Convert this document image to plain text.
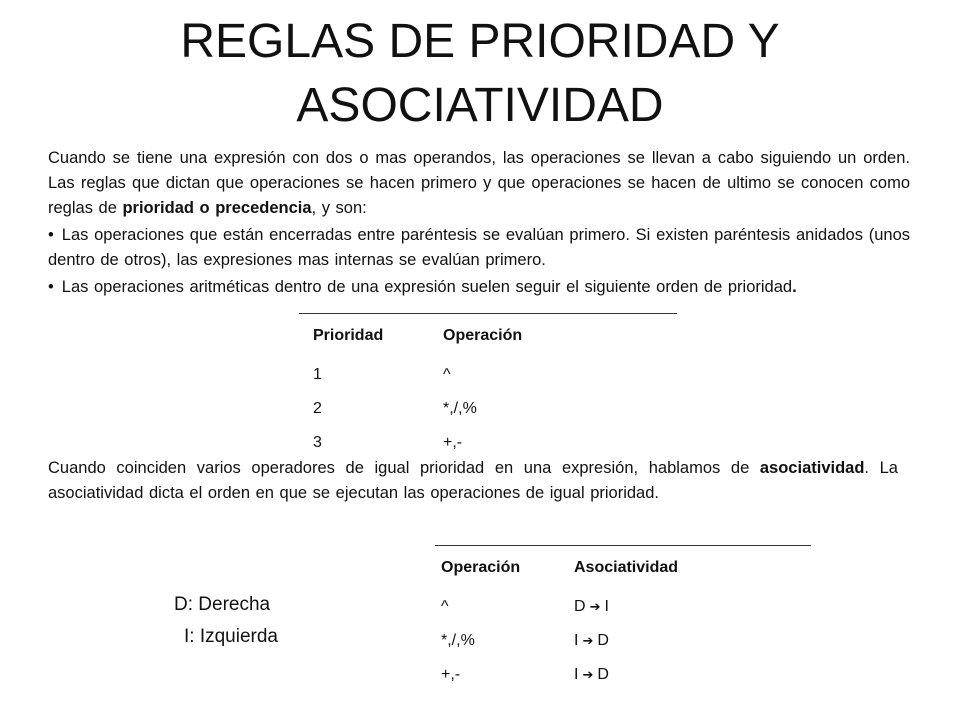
REGLAS DE PRIORIDAD Y
ASOCIATIVIDAD
Cuando se tiene una expresión con dos o mas operandos, las operaciones se llevan a cabo siguiendo un orden. Las reglas que dictan que operaciones se hacen primero y que operaciones se hacen de ultimo se conocen como reglas de prioridad o precedencia, y son:
• Las operaciones que están encerradas entre paréntesis se evalúan primero. Si existen paréntesis anidados (unos dentro de otros), las expresiones mas internas se evalúan primero.
• Las operaciones aritméticas dentro de una expresión suelen seguir el siguiente orden de prioridad.
Prioridad	Operación
1	^
2	*,/,%
3	+,-
Cuando coinciden varios operadores de igual prioridad en una expresión, hablamos de asociatividad. La asociatividad dicta el orden en que se ejecutan las operaciones de igual prioridad.
D: Derecha
I: Izquierda
Operación	Asociatividad
^	D ➔ I
*,/,%	I ➔ D
+,-	I ➔ D
